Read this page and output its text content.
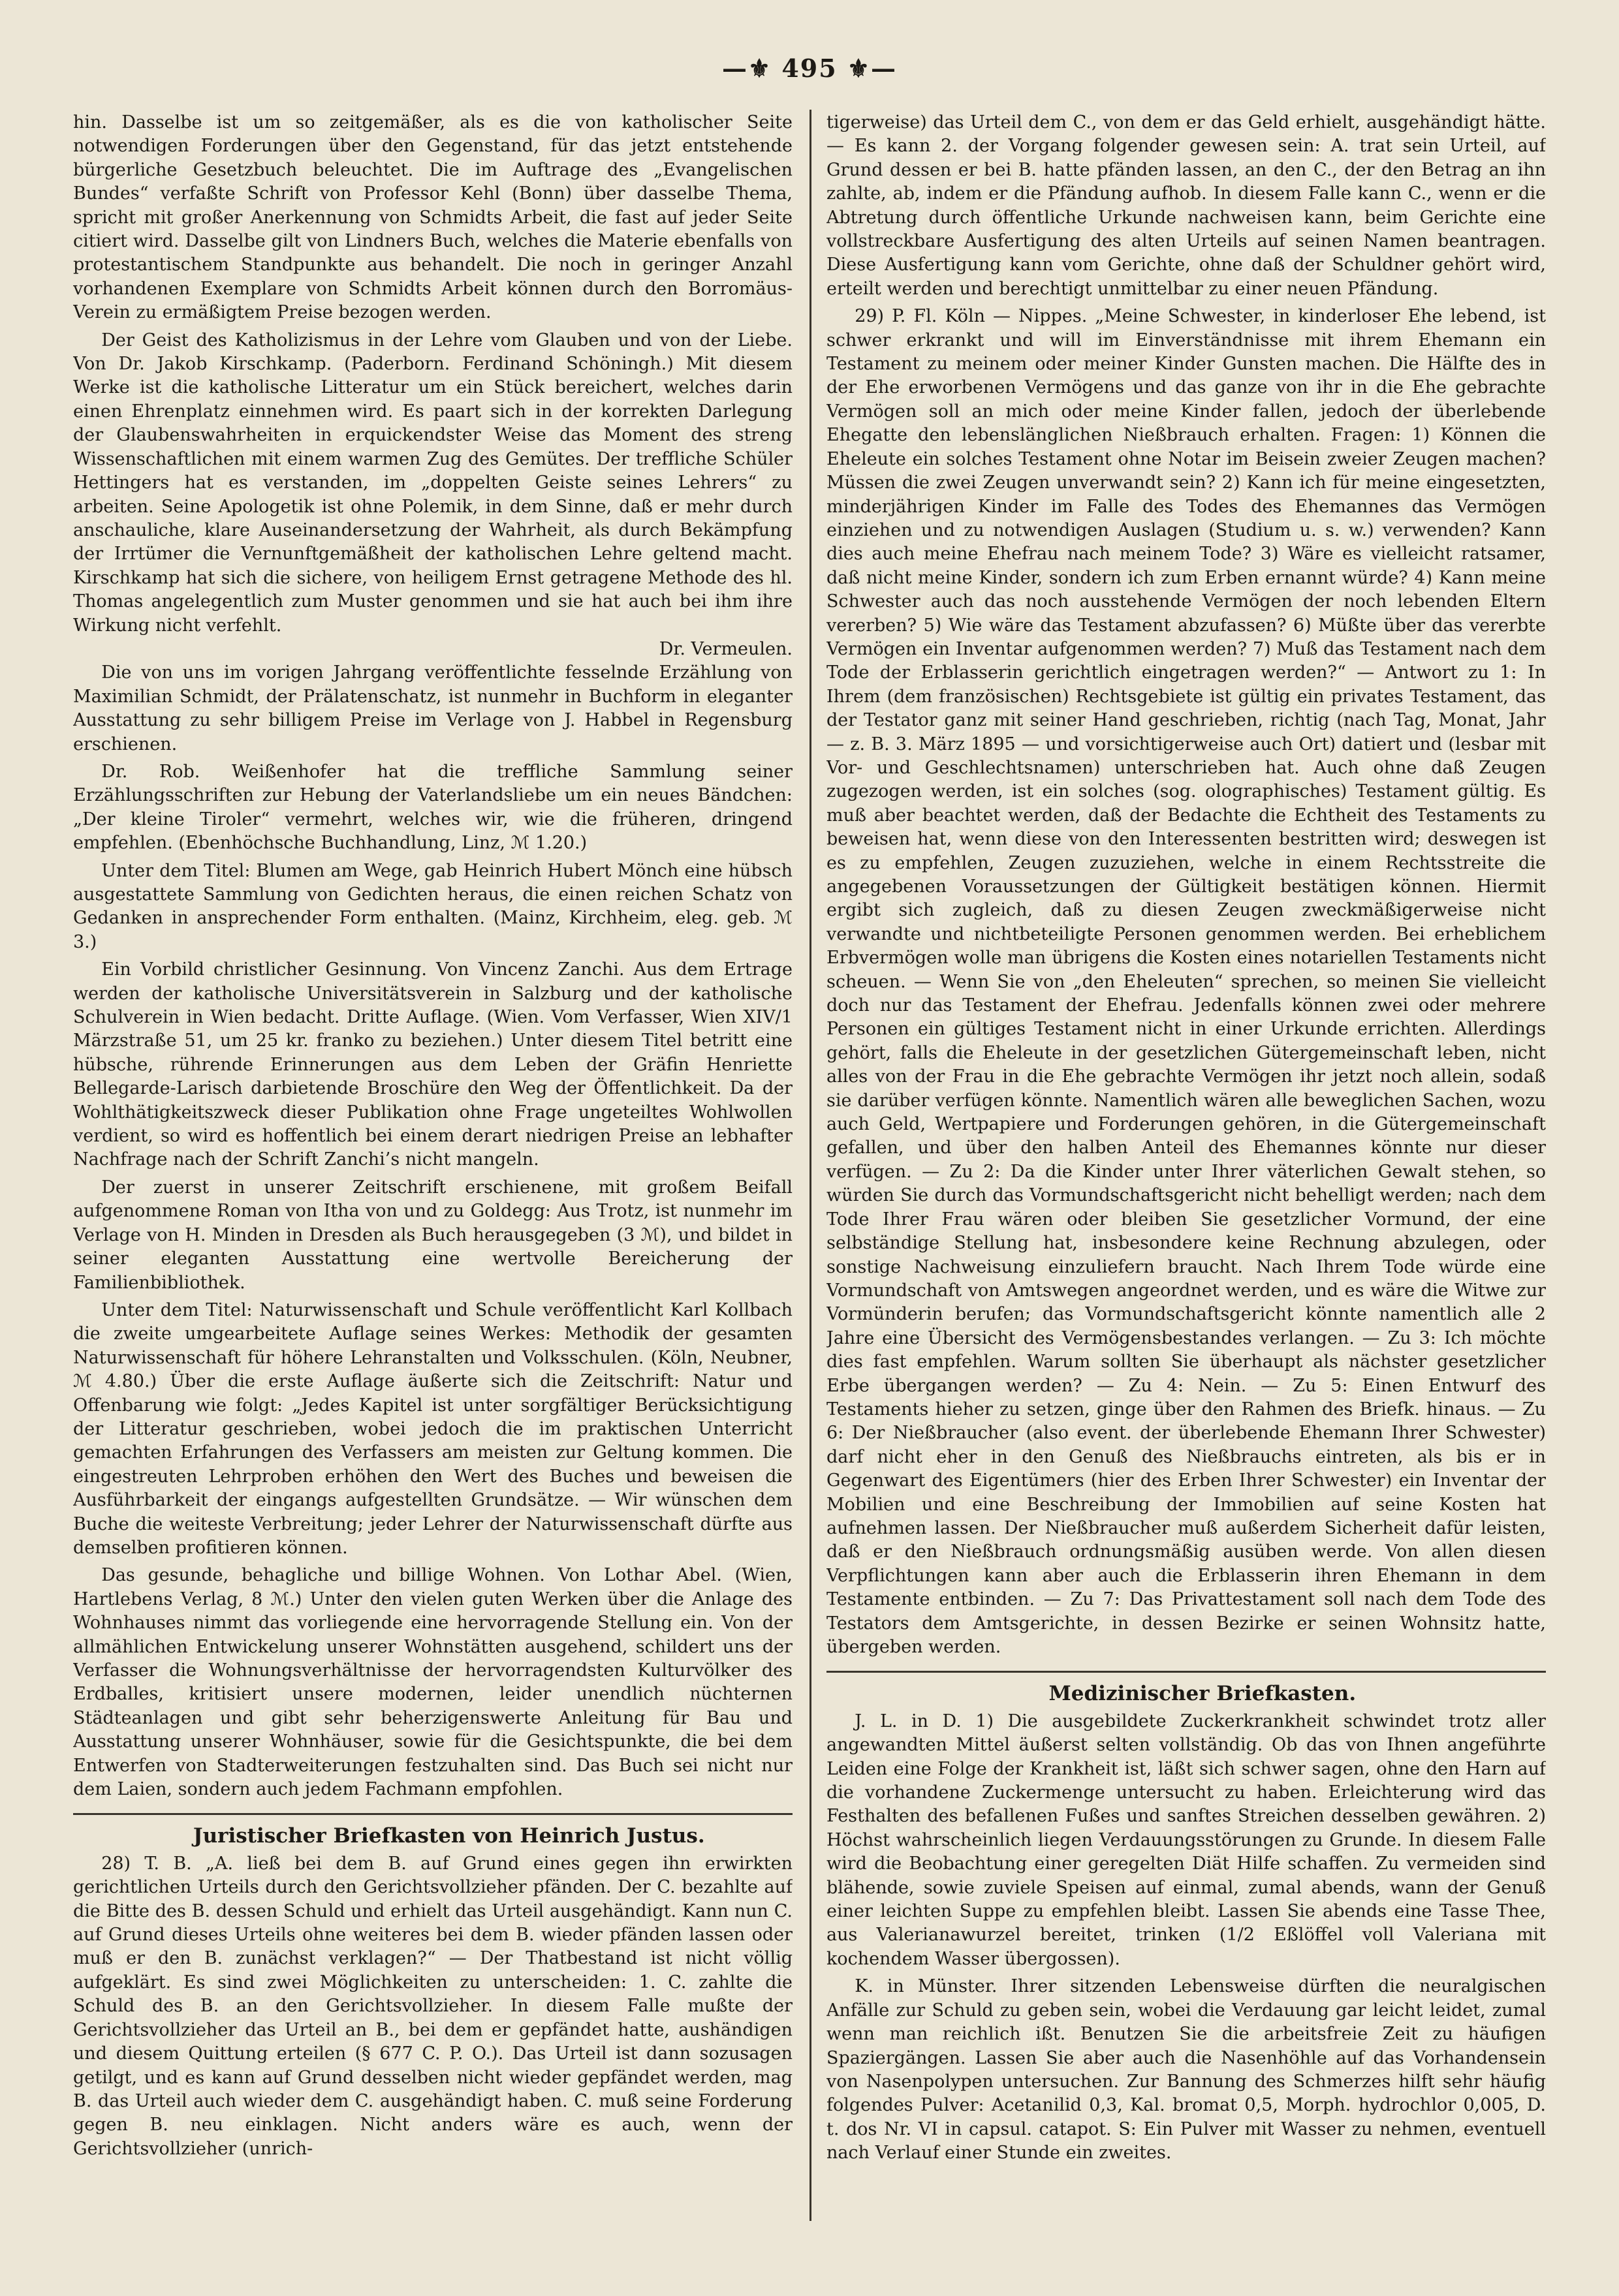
—⚜ 495 ⚜—

hin. Dasselbe ist um so zeitgemäßer, als es die von katholischer Seite notwendigen Forderungen über den Gegenstand, für das jetzt entstehende bürgerliche Gesetzbuch beleuchtet. Die im Auftrage des „Evangelischen Bundes“ verfaßte Schrift von Professor Kehl (Bonn) über dasselbe Thema, spricht mit großer Anerkennung von Schmidts Arbeit, die fast auf jeder Seite citiert wird. Dasselbe gilt von Lindners Buch, welches die Materie ebenfalls von protestantischem Standpunkte aus behandelt. Die noch in geringer Anzahl vorhandenen Exemplare von Schmidts Arbeit können durch den Borromäus-Verein zu ermäßigtem Preise bezogen werden.

Der Geist des Katholizismus in der Lehre vom Glauben und von der Liebe. Von Dr. Jakob Kirschkamp. (Paderborn. Ferdinand Schöningh.) Mit diesem Werke ist die katholische Litteratur um ein Stück bereichert, welches darin einen Ehrenplatz einnehmen wird. Es paart sich in der korrekten Darlegung der Glaubenswahrheiten in erquickendster Weise das Moment des streng Wissenschaftlichen mit einem warmen Zug des Gemütes. Der treffliche Schüler Hettingers hat es verstanden, im „doppelten Geiste seines Lehrers“ zu arbeiten. Seine Apologetik ist ohne Polemik, in dem Sinne, daß er mehr durch anschauliche, klare Auseinandersetzung der Wahrheit, als durch Bekämpfung der Irrtümer die Vernunftgemäßheit der katholischen Lehre geltend macht. Kirschkamp hat sich die sichere, von heiligem Ernst getragene Methode des hl. Thomas angelegentlich zum Muster genommen und sie hat auch bei ihm ihre Wirkung nicht verfehlt.

Dr. Vermeulen.

Die von uns im vorigen Jahrgang veröffentlichte fesselnde Erzählung von Maximilian Schmidt, der Prälatenschatz, ist nunmehr in Buchform in eleganter Ausstattung zu sehr billigem Preise im Verlage von J. Habbel in Regensburg erschienen.

Dr. Rob. Weißenhofer hat die treffliche Sammlung seiner Erzählungsschriften zur Hebung der Vaterlandsliebe um ein neues Bändchen: „Der kleine Tiroler“ vermehrt, welches wir, wie die früheren, dringend empfehlen. (Ebenhöchsche Buchhandlung, Linz, ℳ 1.20.)

Unter dem Titel: Blumen am Wege, gab Heinrich Hubert Mönch eine hübsch ausgestattete Sammlung von Gedichten heraus, die einen reichen Schatz von Gedanken in ansprechender Form enthalten. (Mainz, Kirchheim, eleg. geb. ℳ 3.)

Ein Vorbild christlicher Gesinnung. Von Vincenz Zanchi. Aus dem Ertrage werden der katholische Universitätsverein in Salzburg und der katholische Schulverein in Wien bedacht. Dritte Auflage. (Wien. Vom Verfasser, Wien XIV/1 Märzstraße 51, um 25 kr. franko zu beziehen.) Unter diesem Titel betritt eine hübsche, rührende Erinnerungen aus dem Leben der Gräfin Henriette Bellegarde-Larisch darbietende Broschüre den Weg der Öffentlichkeit. Da der Wohlthätigkeitszweck dieser Publikation ohne Frage ungeteiltes Wohlwollen verdient, so wird es hoffentlich bei einem derart niedrigen Preise an lebhafter Nachfrage nach der Schrift Zanchi’s nicht mangeln.

Der zuerst in unserer Zeitschrift erschienene, mit großem Beifall aufgenommene Roman von Itha von und zu Goldegg: Aus Trotz, ist nunmehr im Verlage von H. Minden in Dresden als Buch herausgegeben (3 ℳ), und bildet in seiner eleganten Ausstattung eine wertvolle Bereicherung der Familienbibliothek.

Unter dem Titel: Naturwissenschaft und Schule veröffentlicht Karl Kollbach die zweite umgearbeitete Auflage seines Werkes: Methodik der gesamten Naturwissenschaft für höhere Lehranstalten und Volksschulen. (Köln, Neubner, ℳ 4.80.) Über die erste Auflage äußerte sich die Zeitschrift: Natur und Offenbarung wie folgt: „Jedes Kapitel ist unter sorgfältiger Berücksichtigung der Litteratur geschrieben, wobei jedoch die im praktischen Unterricht gemachten Erfahrungen des Verfassers am meisten zur Geltung kommen. Die eingestreuten Lehrproben erhöhen den Wert des Buches und beweisen die Ausführbarkeit der eingangs aufgestellten Grundsätze. — Wir wünschen dem Buche die weiteste Verbreitung; jeder Lehrer der Naturwissenschaft dürfte aus demselben profitieren können.

Das gesunde, behagliche und billige Wohnen. Von Lothar Abel. (Wien, Hartlebens Verlag, 8 ℳ.) Unter den vielen guten Werken über die Anlage des Wohnhauses nimmt das vorliegende eine hervorragende Stellung ein. Von der allmählichen Entwickelung unserer Wohnstätten ausgehend, schildert uns der Verfasser die Wohnungsverhältnisse der hervorragendsten Kulturvölker des Erdballes, kritisiert unsere modernen, leider unendlich nüchternen Städteanlagen und gibt sehr beherzigenswerte Anleitung für Bau und Ausstattung unserer Wohnhäuser, sowie für die Gesichtspunkte, die bei dem Entwerfen von Stadterweiterungen festzuhalten sind. Das Buch sei nicht nur dem Laien, sondern auch jedem Fachmann empfohlen.

Juristischer Briefkasten von Heinrich Justus.

28) T. B. „A. ließ bei dem B. auf Grund eines gegen ihn erwirkten gerichtlichen Urteils durch den Gerichtsvollzieher pfänden. Der C. bezahlte auf die Bitte des B. dessen Schuld und erhielt das Urteil ausgehändigt. Kann nun C. auf Grund dieses Urteils ohne weiteres bei dem B. wieder pfänden lassen oder muß er den B. zunächst verklagen?“ — Der Thatbestand ist nicht völlig aufgeklärt. Es sind zwei Möglichkeiten zu unterscheiden: 1. C. zahlte die Schuld des B. an den Gerichtsvollzieher. In diesem Falle mußte der Gerichtsvollzieher das Urteil an B., bei dem er gepfändet hatte, aushändigen und diesem Quittung erteilen (§ 677 C. P. O.). Das Urteil ist dann sozusagen getilgt, und es kann auf Grund desselben nicht wieder gepfändet werden, mag B. das Urteil auch wieder dem C. ausgehändigt haben. C. muß seine Forderung gegen B. neu einklagen. Nicht anders wäre es auch, wenn der Gerichtsvollzieher (unrich-

tigerweise) das Urteil dem C., von dem er das Geld erhielt, ausgehändigt hätte. — Es kann 2. der Vorgang folgender gewesen sein: A. trat sein Urteil, auf Grund dessen er bei B. hatte pfänden lassen, an den C., der den Betrag an ihn zahlte, ab, indem er die Pfändung aufhob. In diesem Falle kann C., wenn er die Abtretung durch öffentliche Urkunde nachweisen kann, beim Gerichte eine vollstreckbare Ausfertigung des alten Urteils auf seinen Namen beantragen. Diese Ausfertigung kann vom Gerichte, ohne daß der Schuldner gehört wird, erteilt werden und berechtigt unmittelbar zu einer neuen Pfändung.

29) P. Fl. Köln — Nippes. „Meine Schwester, in kinderloser Ehe lebend, ist schwer erkrankt und will im Einverständnisse mit ihrem Ehemann ein Testament zu meinem oder meiner Kinder Gunsten machen. Die Hälfte des in der Ehe erworbenen Vermögens und das ganze von ihr in die Ehe gebrachte Vermögen soll an mich oder meine Kinder fallen, jedoch der überlebende Ehegatte den lebenslänglichen Nießbrauch erhalten. Fragen: 1) Können die Eheleute ein solches Testament ohne Notar im Beisein zweier Zeugen machen? Müssen die zwei Zeugen unverwandt sein? 2) Kann ich für meine eingesetzten, minderjährigen Kinder im Falle des Todes des Ehemannes das Vermögen einziehen und zu notwendigen Auslagen (Studium u. s. w.) verwenden? Kann dies auch meine Ehefrau nach meinem Tode? 3) Wäre es vielleicht ratsamer, daß nicht meine Kinder, sondern ich zum Erben ernannt würde? 4) Kann meine Schwester auch das noch ausstehende Vermögen der noch lebenden Eltern vererben? 5) Wie wäre das Testament abzufassen? 6) Müßte über das vererbte Vermögen ein Inventar aufgenommen werden? 7) Muß das Testament nach dem Tode der Erblasserin gerichtlich eingetragen werden?“ — Antwort zu 1: In Ihrem (dem französischen) Rechtsgebiete ist gültig ein privates Testament, das der Testator ganz mit seiner Hand geschrieben, richtig (nach Tag, Monat, Jahr — z. B. 3. März 1895 — und vorsichtigerweise auch Ort) datiert und (lesbar mit Vor- und Geschlechtsnamen) unterschrieben hat. Auch ohne daß Zeugen zugezogen werden, ist ein solches (sog. olographisches) Testament gültig. Es muß aber beachtet werden, daß der Bedachte die Echtheit des Testaments zu beweisen hat, wenn diese von den Interessenten bestritten wird; deswegen ist es zu empfehlen, Zeugen zuzuziehen, welche in einem Rechtsstreite die angegebenen Voraussetzungen der Gültigkeit bestätigen können. Hiermit ergibt sich zugleich, daß zu diesen Zeugen zweckmäßigerweise nicht verwandte und nichtbeteiligte Personen genommen werden. Bei erheblichem Erbvermögen wolle man übrigens die Kosten eines notariellen Testaments nicht scheuen. — Wenn Sie von „den Eheleuten“ sprechen, so meinen Sie vielleicht doch nur das Testament der Ehefrau. Jedenfalls können zwei oder mehrere Personen ein gültiges Testament nicht in einer Urkunde errichten. Allerdings gehört, falls die Eheleute in der gesetzlichen Gütergemeinschaft leben, nicht alles von der Frau in die Ehe gebrachte Vermögen ihr jetzt noch allein, sodaß sie darüber verfügen könnte. Namentlich wären alle beweglichen Sachen, wozu auch Geld, Wertpapiere und Forderungen gehören, in die Gütergemeinschaft gefallen, und über den halben Anteil des Ehemannes könnte nur dieser verfügen. — Zu 2: Da die Kinder unter Ihrer väterlichen Gewalt stehen, so würden Sie durch das Vormundschaftsgericht nicht behelligt werden; nach dem Tode Ihrer Frau wären oder bleiben Sie gesetzlicher Vormund, der eine selbständige Stellung hat, insbesondere keine Rechnung abzulegen, oder sonstige Nachweisung einzuliefern braucht. Nach Ihrem Tode würde eine Vormundschaft von Amtswegen angeordnet werden, und es wäre die Witwe zur Vormünderin berufen; das Vormundschaftsgericht könnte namentlich alle 2 Jahre eine Übersicht des Vermögensbestandes verlangen. — Zu 3: Ich möchte dies fast empfehlen. Warum sollten Sie überhaupt als nächster gesetzlicher Erbe übergangen werden? — Zu 4: Nein. — Zu 5: Einen Entwurf des Testaments hieher zu setzen, ginge über den Rahmen des Briefk. hinaus. — Zu 6: Der Nießbraucher (also event. der überlebende Ehemann Ihrer Schwester) darf nicht eher in den Genuß des Nießbrauchs eintreten, als bis er in Gegenwart des Eigentümers (hier des Erben Ihrer Schwester) ein Inventar der Mobilien und eine Beschreibung der Immobilien auf seine Kosten hat aufnehmen lassen. Der Nießbraucher muß außerdem Sicherheit dafür leisten, daß er den Nießbrauch ordnungsmäßig ausüben werde. Von allen diesen Verpflichtungen kann aber auch die Erblasserin ihren Ehemann in dem Testamente entbinden. — Zu 7: Das Privattestament soll nach dem Tode des Testators dem Amtsgerichte, in dessen Bezirke er seinen Wohnsitz hatte, übergeben werden.

Medizinischer Briefkasten.

J. L. in D. 1) Die ausgebildete Zuckerkrankheit schwindet trotz aller angewandten Mittel äußerst selten vollständig. Ob das von Ihnen angeführte Leiden eine Folge der Krankheit ist, läßt sich schwer sagen, ohne den Harn auf die vorhandene Zuckermenge untersucht zu haben. Erleichterung wird das Festhalten des befallenen Fußes und sanftes Streichen desselben gewähren. 2) Höchst wahrscheinlich liegen Verdauungsstörungen zu Grunde. In diesem Falle wird die Beobachtung einer geregelten Diät Hilfe schaffen. Zu vermeiden sind blähende, sowie zuviele Speisen auf einmal, zumal abends, wann der Genuß einer leichten Suppe zu empfehlen bleibt. Lassen Sie abends eine Tasse Thee, aus Valerianawurzel bereitet, trinken (1/2 Eßlöffel voll Valeriana mit kochendem Wasser übergossen).

K. in Münster. Ihrer sitzenden Lebensweise dürften die neuralgischen Anfälle zur Schuld zu geben sein, wobei die Verdauung gar leicht leidet, zumal wenn man reichlich ißt. Benutzen Sie die arbeitsfreie Zeit zu häufigen Spaziergängen. Lassen Sie aber auch die Nasenhöhle auf das Vorhandensein von Nasenpolypen untersuchen. Zur Bannung des Schmerzes hilft sehr häufig folgendes Pulver: Acetanilid 0,3, Kal. bromat 0,5, Morph. hydrochlor 0,005, D. t. dos Nr. VI in capsul. catapot. S: Ein Pulver mit Wasser zu nehmen, eventuell nach Verlauf einer Stunde ein zweites.
